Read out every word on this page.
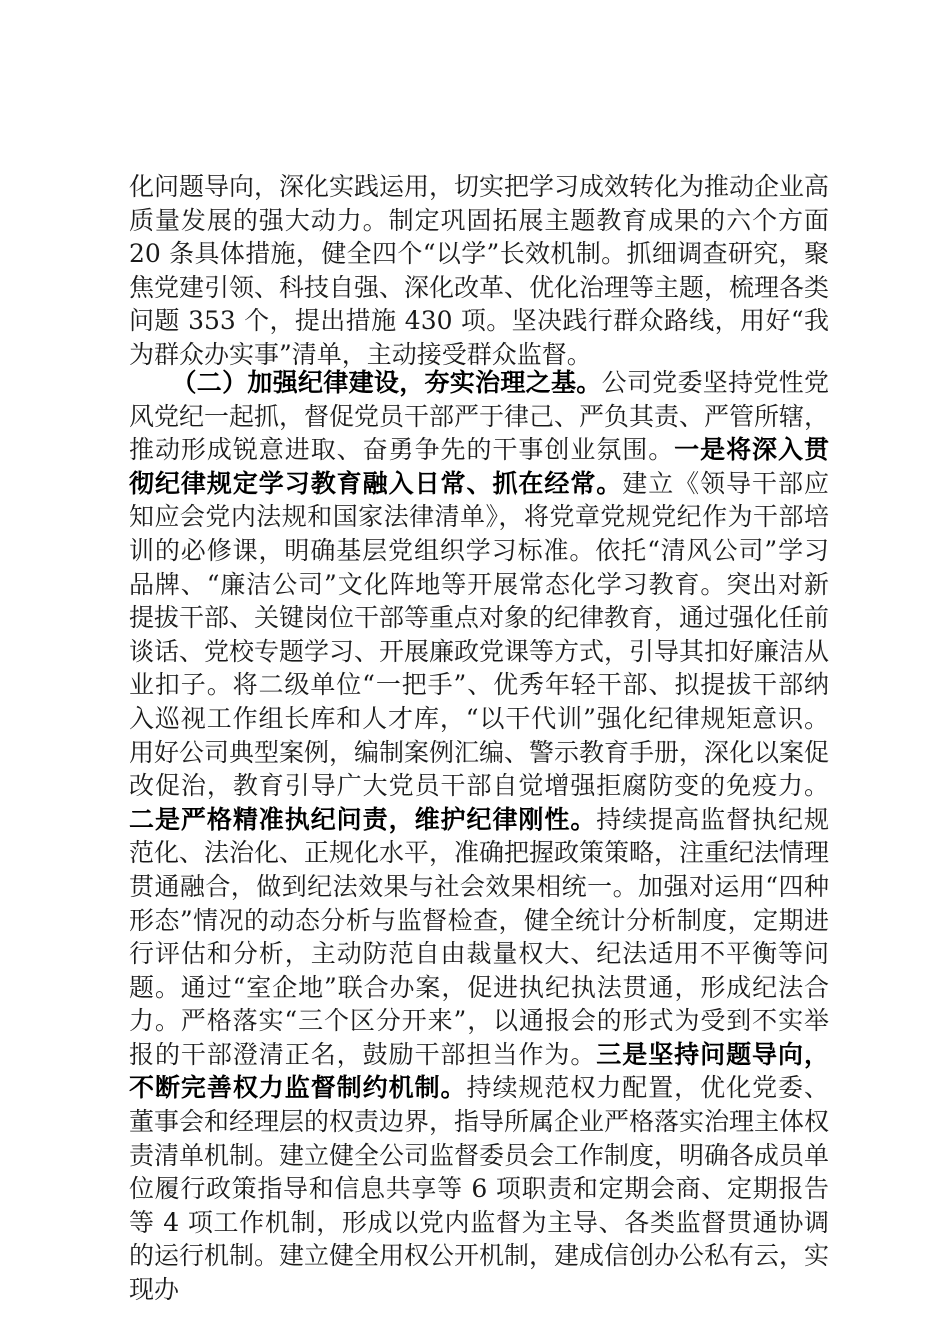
化问题导向，深化实践运用，切实把学习成效转化为推动企业高质量发展的强大动力。制定巩固拓展主题教育成果的六个方面 20 条具体措施，健全四个“以学”长效机制。抓细调查研究，聚焦党建引领、科技自强、深化改革、优化治理等主题，梳理各类问题 353 个，提出措施 430 项。坚决践行群众路线，用好“我为群众办实事”清单，主动接受群众监督。

（二）加强纪律建设，夯实治理之基。公司党委坚持党性党风党纪一起抓，督促党员干部严于律己、严负其责、严管所辖，推动形成锐意进取、奋勇争先的干事创业氛围。一是将深入贯彻纪律规定学习教育融入日常、抓在经常。建立《领导干部应知应会党内法规和国家法律清单》，将党章党规党纪作为干部培训的必修课，明确基层党组织学习标准。依托“清风公司”学习品牌、“廉洁公司”文化阵地等开展常态化学习教育。突出对新提拔干部、关键岗位干部等重点对象的纪律教育，通过强化任前谈话、党校专题学习、开展廉政党课等方式，引导其扣好廉洁从业扣子。将二级单位“一把手”、优秀年轻干部、拟提拔干部纳入巡视工作组长库和人才库，“以干代训”强化纪律规矩意识。用好公司典型案例，编制案例汇编、警示教育手册，深化以案促改促治，教育引导广大党员干部自觉增强拒腐防变的免疫力。二是严格精准执纪问责，维护纪律刚性。持续提高监督执纪规范化、法治化、正规化水平，准确把握政策策略，注重纪法情理贯通融合，做到纪法效果与社会效果相统一。加强对运用“四种形态”情况的动态分析与监督检查，健全统计分析制度，定期进行评估和分析，主动防范自由裁量权大、纪法适用不平衡等问题。通过“室企地”联合办案，促进执纪执法贯通，形成纪法合力。严格落实“三个区分开来”，以通报会的形式为受到不实举报的干部澄清正名，鼓励干部担当作为。三是坚持问题导向，不断完善权力监督制约机制。持续规范权力配置，优化党委、董事会和经理层的权责边界，指导所属企业严格落实治理主体权责清单机制。建立健全公司监督委员会工作制度，明确各成员单位履行政策指导和信息共享等 6 项职责和定期会商、定期报告等 4 项工作机制，形成以党内监督为主导、各类监督贯通协调的运行机制。建立健全用权公开机制，建成信创办公私有云，实现办
